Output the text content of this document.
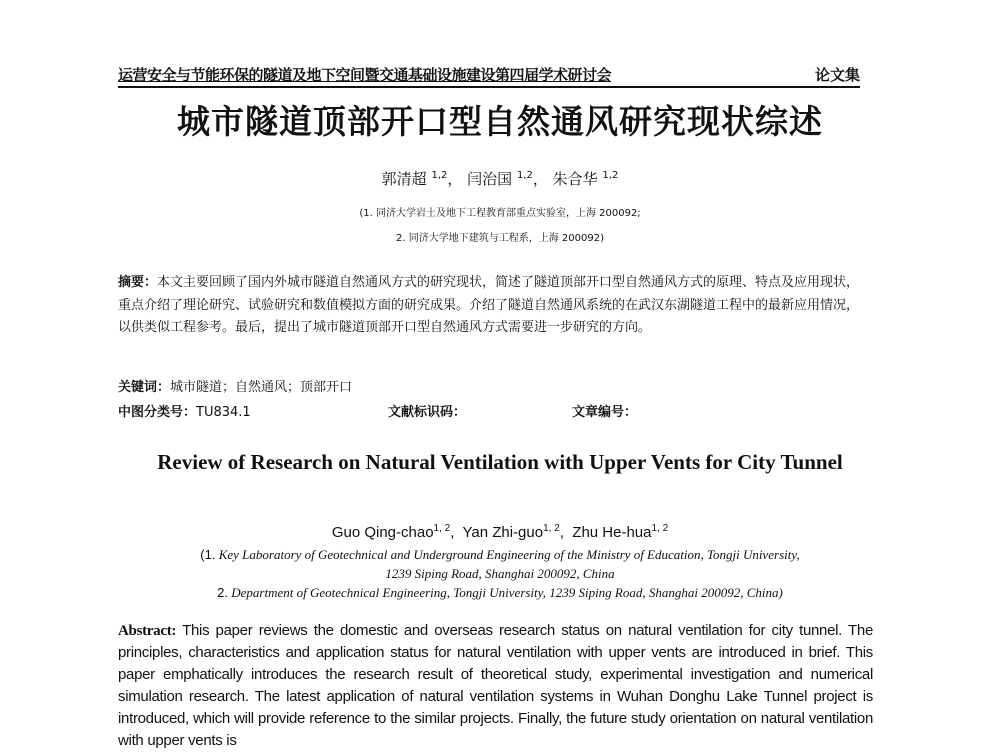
运营安全与节能环保的隧道及地下空间暨交通基础设施建设第四届学术研讨会	论文集
城市隧道顶部开口型自然通风研究现状综述
郭清超 $^{1,2}$， 闫治国 $^{1,2}$， 朱合华 $^{1,2}$
(1. 同济大学岩土及地下工程教育部重点实验室，上海 200092;
2. 同济大学地下建筑与工程系，上海 200092)
摘要：本文主要回顾了国内外城市隧道自然通风方式的研究现状，简述了隧道顶部开口型自然通风方式的原理、特点及应用现状，重点介绍了理论研究、试验研究和数值模拟方面的研究成果。介绍了隧道自然通风系统的在武汉东湖隧道工程中的最新应用情况，以供类似工程参考。最后，提出了城市隧道顶部开口型自然通风方式需要进一步研究的方向。
关键词：城市隧道；自然通风；顶部开口
中图分类号：TU834.1	文献标识码：	文章编号：
Review of Research on Natural Ventilation with Upper Vents for City Tunnel
Guo Qing-chao$^{1, 2}$,  Yan Zhi-guo$^{1, 2}$,  Zhu He-hua$^{1, 2}$
(1. Key Laboratory of Geotechnical and Underground Engineering of the Ministry of Education, Tongji University,
1239 Siping Road, Shanghai 200092, China
2. Department of Geotechnical Engineering, Tongji University, 1239 Siping Road, Shanghai 200092, China)
Abstract: This paper reviews the domestic and overseas research status on natural ventilation for city tunnel. The principles, characteristics and application status for natural ventilation with upper vents are introduced in brief. This paper emphatically introduces the research result of theoretical study, experimental investigation and numerical simulation research. The latest application of natural ventilation systems in Wuhan Donghu Lake Tunnel project is introduced, which will provide reference to the similar projects. Finally, the future study orientation on natural ventilation with upper vents is
